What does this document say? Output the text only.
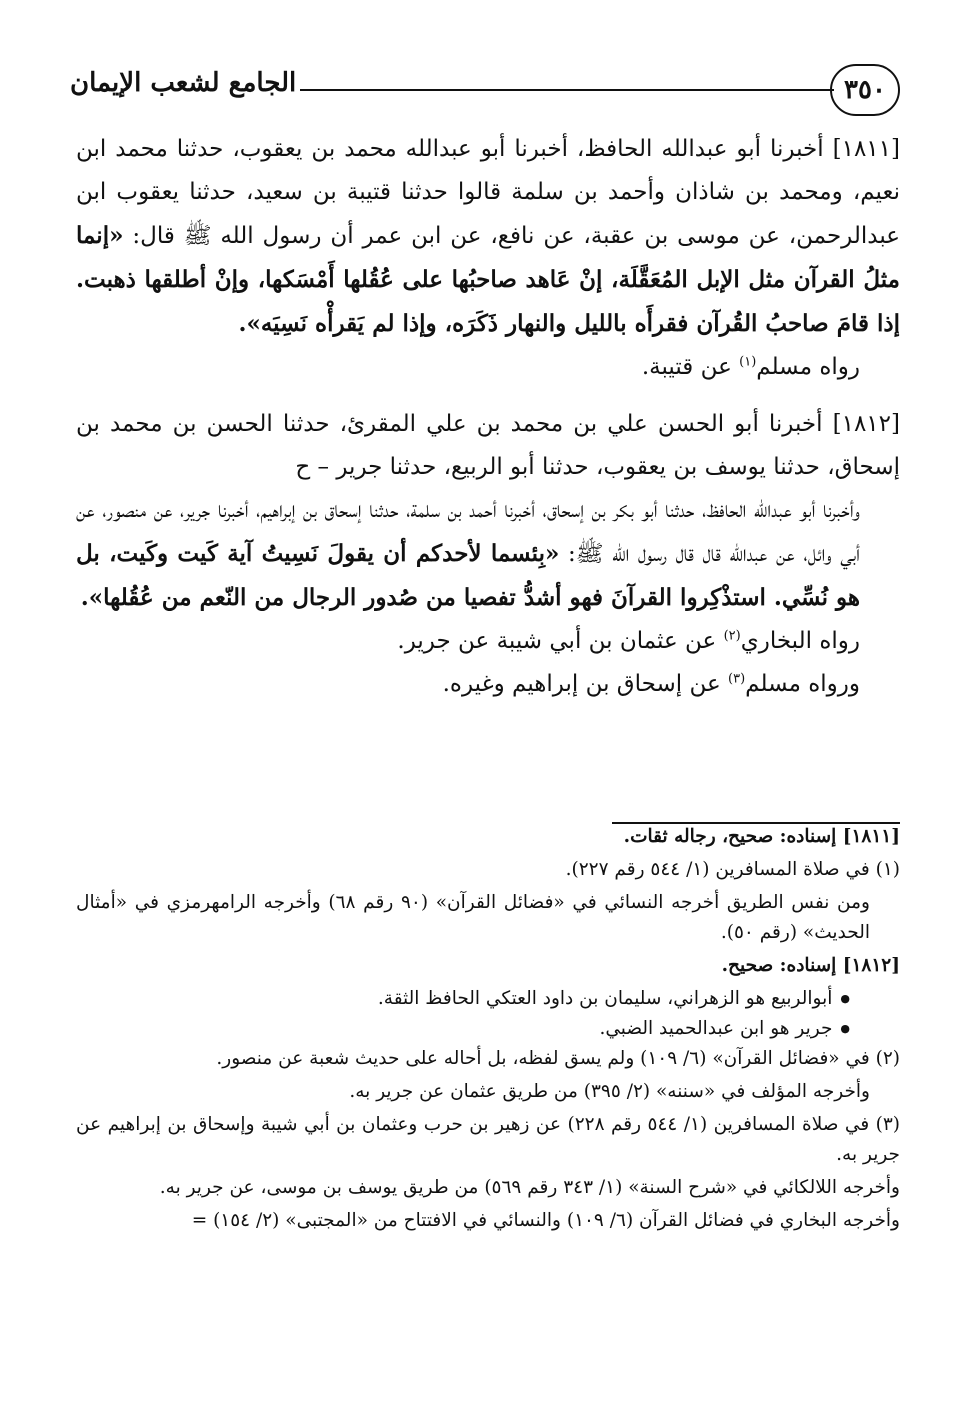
٣٥٠
الجامع لشعب الإيمان

[١٨١١] أخبرنا أبو عبدالله الحافظ، أخبرنا أبو عبدالله محمد بن يعقوب، حدثنا محمد ابن نعيم، ومحمد بن شاذان وأحمد بن سلمة قالوا حدثنا قتيبة بن سعيد، حدثنا يعقوب ابن عبدالرحمن، عن موسى بن عقبة، عن نافع، عن ابن عمر أن رسول الله ﷺ قال: «إنما مثلُ القرآن مثل الإبل المُعَقَّلَة، إنْ عَاهد صاحبُها على عُقُلها أَمْسَكها، وإنْ أطلقها ذهبت. إذا قامَ صاحبُ القُرآن فقرأَه بالليل والنهار ذَكَرَه، وإذا لم يَقرأْه نَسِيَه».

رواه مسلم$^{(١)}$ عن قتيبة.

[١٨١٢] أخبرنا أبو الحسن علي بن محمد بن علي المقرئ، حدثنا الحسن بن محمد بن إسحاق، حدثنا يوسف بن يعقوب، حدثنا أبو الربيع، حدثنا جرير – ح

وأخبرنا أبو عبدالله الحافظ، حدثنا أبو بكر بن إسحاق، أخبرنا أحمد بن سلمة، حدثنا إسحاق بن إبراهيم، أخبرنا جرير، عن منصور، عن أبي وائل، عن عبدالله قال قال رسول الله ﷺ: «بِئسما لأحدكم أن يقولَ نَسِيتُ آية كَيت وكَيت، بل هو نُسِّي. استذْكِروا القرآنَ فهو أشدُّ تفصيا من صُدور الرجال من النّعم من عُقُلها».

رواه البخاري$^{(٢)}$ عن عثمان بن أبي شيبة عن جرير.

ورواه مسلم$^{(٣)}$ عن إسحاق بن إبراهيم وغيره.

[١٨١١] إسناده: صحيح، رجاله ثقات.

(١) في صلاة المسافرين (١/ ٥٤٤ رقم ٢٢٧).

ومن نفس الطريق أخرجه النسائي في «فضائل القرآن» (٩٠ رقم ٦٨) وأخرجه الرامهرمزي في «أمثال الحديث» (رقم ٥٠).

[١٨١٢] إسناده: صحيح.

● أبوالربيع هو الزهراني، سليمان بن داود العتكي الحافظ الثقة.

● جرير هو ابن عبدالحميد الضبي.

(٢) في «فضائل القرآن» (٦/ ١٠٩) ولم يسق لفظه، بل أحاله على حديث شعبة عن منصور.

وأخرجه المؤلف في «سننه» (٢/ ٣٩٥) من طريق عثمان عن جرير به.

(٣) في صلاة المسافرين (١/ ٥٤٤ رقم ٢٢٨) عن زهير بن حرب وعثمان بن أبي شيبة وإسحاق بن إبراهيم عن جرير به.

وأخرجه اللالكائي في «شرح السنة» (١/ ٣٤٣ رقم ٥٦٩) من طريق يوسف بن موسى، عن جرير به.

وأخرجه البخاري في فضائل القرآن (٦/ ١٠٩) والنسائي في الافتتاح من «المجتبى» (٢/ ١٥٤) =
